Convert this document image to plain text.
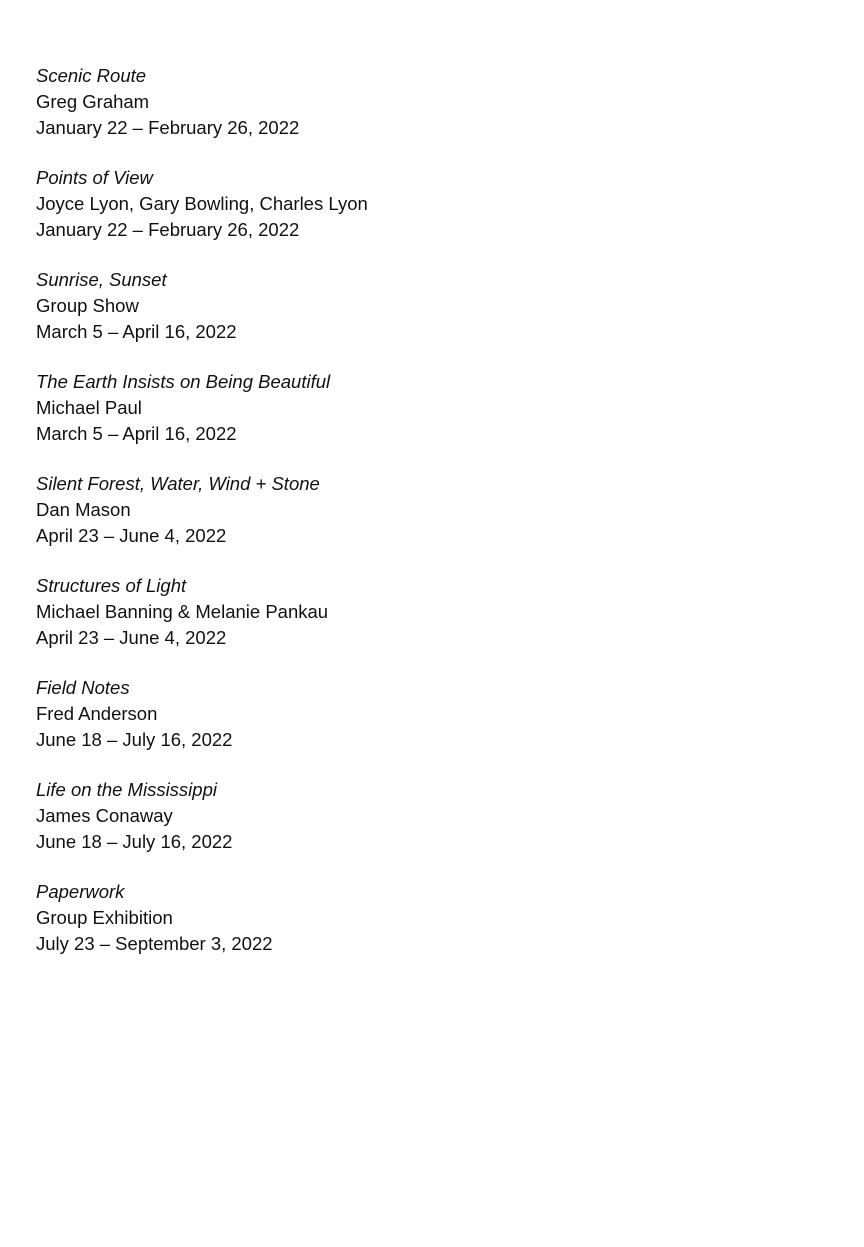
Scenic Route

Greg Graham

January 22 – February 26, 2022

Points of View

Joyce Lyon, Gary Bowling, Charles Lyon

January 22 – February 26, 2022

Sunrise, Sunset

Group Show

March 5 – April 16, 2022

The Earth Insists on Being Beautiful

Michael Paul

March 5 – April 16, 2022

Silent Forest, Water, Wind + Stone

Dan Mason

April 23 – June 4, 2022

Structures of Light

Michael Banning & Melanie Pankau

April 23 – June 4, 2022

Field Notes

Fred Anderson

June 18 – July 16, 2022

Life on the Mississippi

James Conaway

June 18 – July 16, 2022

Paperwork

Group Exhibition

July 23 – September 3, 2022
